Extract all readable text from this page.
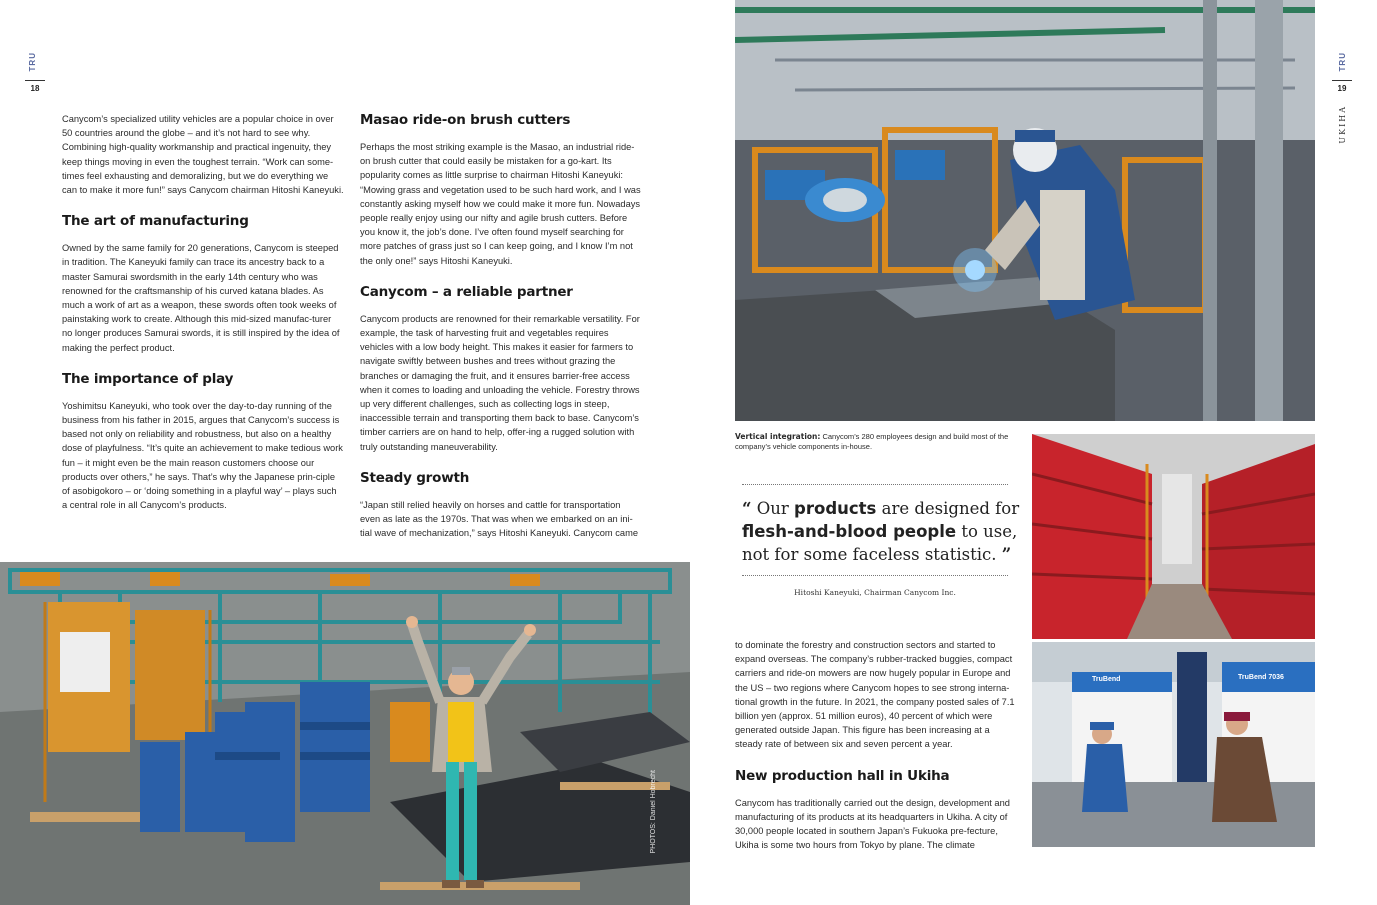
TRU
18

Canycom’s specialized utility vehicles are a popular choice in over 50 countries around the globe – and it’s not hard to see why. Combining high-quality workmanship and practical ingenuity, they keep things moving in even the toughest terrain. “Work can some-times feel exhausting and demoralizing, but we do everything we can to make it more fun!” says Canycom chairman Hitoshi Kaneyuki.

The art of manufacturing

Owned by the same family for 20 generations, Canycom is steeped in tradition. The Kaneyuki family can trace its ancestry back to a master Samurai swordsmith in the early 14th century who was renowned for the craftsmanship of his curved katana blades. As much a work of art as a weapon, these swords often took weeks of painstaking work to create. Although this mid-sized manufac-turer no longer produces Samurai swords, it is still inspired by the idea of making the perfect product.

The importance of play

Yoshimitsu Kaneyuki, who took over the day-to-day running of the business from his father in 2015, argues that Canycom’s success is based not only on reliability and robustness, but also on a healthy dose of playfulness. “It’s quite an achievement to make tedious work fun – it might even be the main reason customers choose our products over others,” he says. That’s why the Japanese prin-ciple of asobigokoro – or ‘doing something in a playful way’ – plays such a central role in all Canycom’s products.

Masao ride-on brush cutters

Perhaps the most striking example is the Masao, an industrial ride-on brush cutter that could easily be mistaken for a go-kart. Its popularity comes as little surprise to chairman Hitoshi Kaneyuki: “Mowing grass and vegetation used to be such hard work, and I was constantly asking myself how we could make it more fun. Nowadays people really enjoy using our nifty and agile brush cutters. Before you know it, the job’s done. I’ve often found myself searching for more patches of grass just so I can keep going, and I know I’m not the only one!” says Hitoshi Kaneyuki.

Canycom – a reliable partner

Canycom products are renowned for their remarkable versatility. For example, the task of harvesting fruit and vegetables requires vehicles with a low body height. This makes it easier for farmers to navigate swiftly between bushes and trees without grazing the branches or damaging the fruit, and it ensures barrier-free access when it comes to loading and unloading the vehicle. Forestry throws up very different challenges, such as collecting logs in steep, inaccessible terrain and transporting them back to base. Canycom’s timber carriers are on hand to help, offer-ing a rugged solution with truly outstanding maneuverability.

Steady growth

“Japan still relied heavily on horses and cattle for transportation even as late as the 1970s. That was when we embarked on an ini-tial wave of mechanization,” says Hitoshi Kaneyuki. Canycom came

PHOTOS: Daniel Hobrecht
TRU
19
UKIHA
Vertical integration: Canycom’s 280 employees design and build most of the company’s vehicle components in-house.
“ Our products are designed for
flesh-and-blood people to use,
not for some faceless statistic. ”
Hitoshi Kaneyuki, Chairman Canycom Inc.

to dominate the forestry and construction sectors and started to expand overseas. The company’s rubber-tracked buggies, compact carriers and ride-on mowers are now hugely popular in Europe and the US – two regions where Canycom hopes to see strong interna-tional growth in the future. In 2021, the company posted sales of 7.1 billion yen (approx. 51 million euros), 40 percent of which were generated outside Japan. This figure has been increasing at a steady rate of between six and seven percent a year.

New production hall in Ukiha

Canycom has traditionally carried out the design, development and manufacturing of its products at its headquarters in Ukiha. A city of 30,000 people located in southern Japan’s Fukuoka pre-fecture, Ukiha is some two hours from Tokyo by plane. The climate

TruBend	TruBend 7036
